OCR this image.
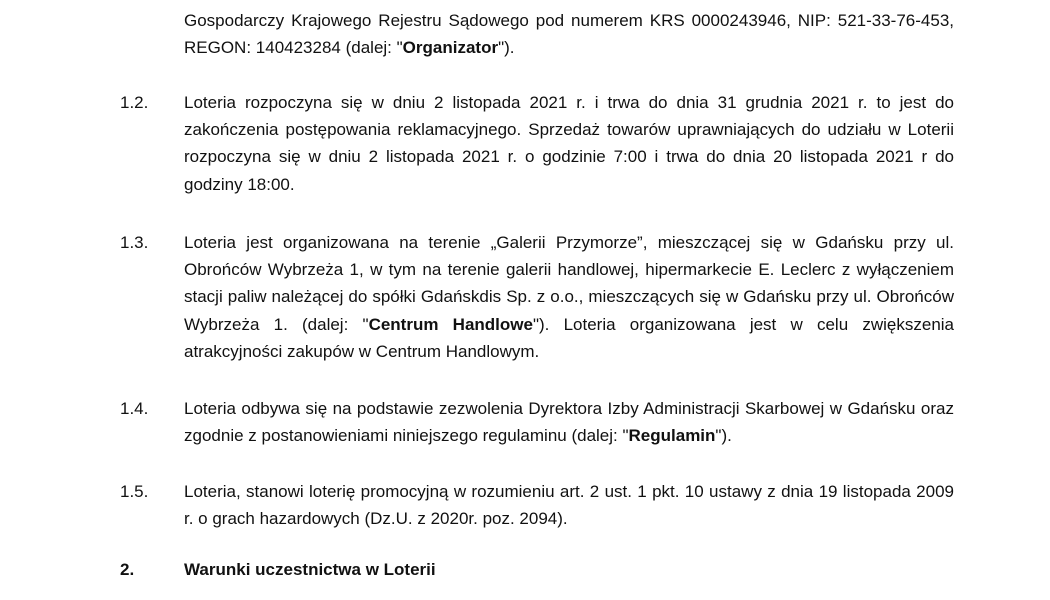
Gospodarczy Krajowego Rejestru Sądowego pod numerem KRS 0000243946, NIP: 521-33-76-453, REGON: 140423284 (dalej: "Organizator").
1.2. Loteria rozpoczyna się w dniu 2 listopada 2021 r. i trwa do dnia 31 grudnia 2021 r. to jest do zakończenia postępowania reklamacyjnego. Sprzedaż towarów uprawniających do udziału w Loterii rozpoczyna się w dniu 2 listopada 2021 r. o godzinie 7:00 i trwa do dnia 20 listopada 2021 r do godziny 18:00.
1.3. Loteria jest organizowana na terenie „Galerii Przymorze”, mieszczącej się w Gdańsku przy ul. Obrońców Wybrzeża 1, w tym na terenie galerii handlowej, hipermarkecie E. Leclerc z wyłączeniem stacji paliw należącej do spółki Gdańskdis Sp. z o.o., mieszczących się w Gdańsku przy ul. Obrońców Wybrzeża 1. (dalej: "Centrum Handlowe"). Loteria organizowana jest w celu zwiększenia atrakcyjności zakupów w Centrum Handlowym.
1.4. Loteria odbywa się na podstawie zezwolenia Dyrektora Izby Administracji Skarbowej w Gdańsku oraz zgodnie z postanowieniami niniejszego regulaminu (dalej: "Regulamin").
1.5. Loteria, stanowi loterię promocyjną w rozumieniu art. 2 ust. 1 pkt. 10 ustawy z dnia 19 listopada 2009 r. o grach hazardowych (Dz.U. z 2020r. poz. 2094).
2.	Warunki uczestnictwa w Loterii
